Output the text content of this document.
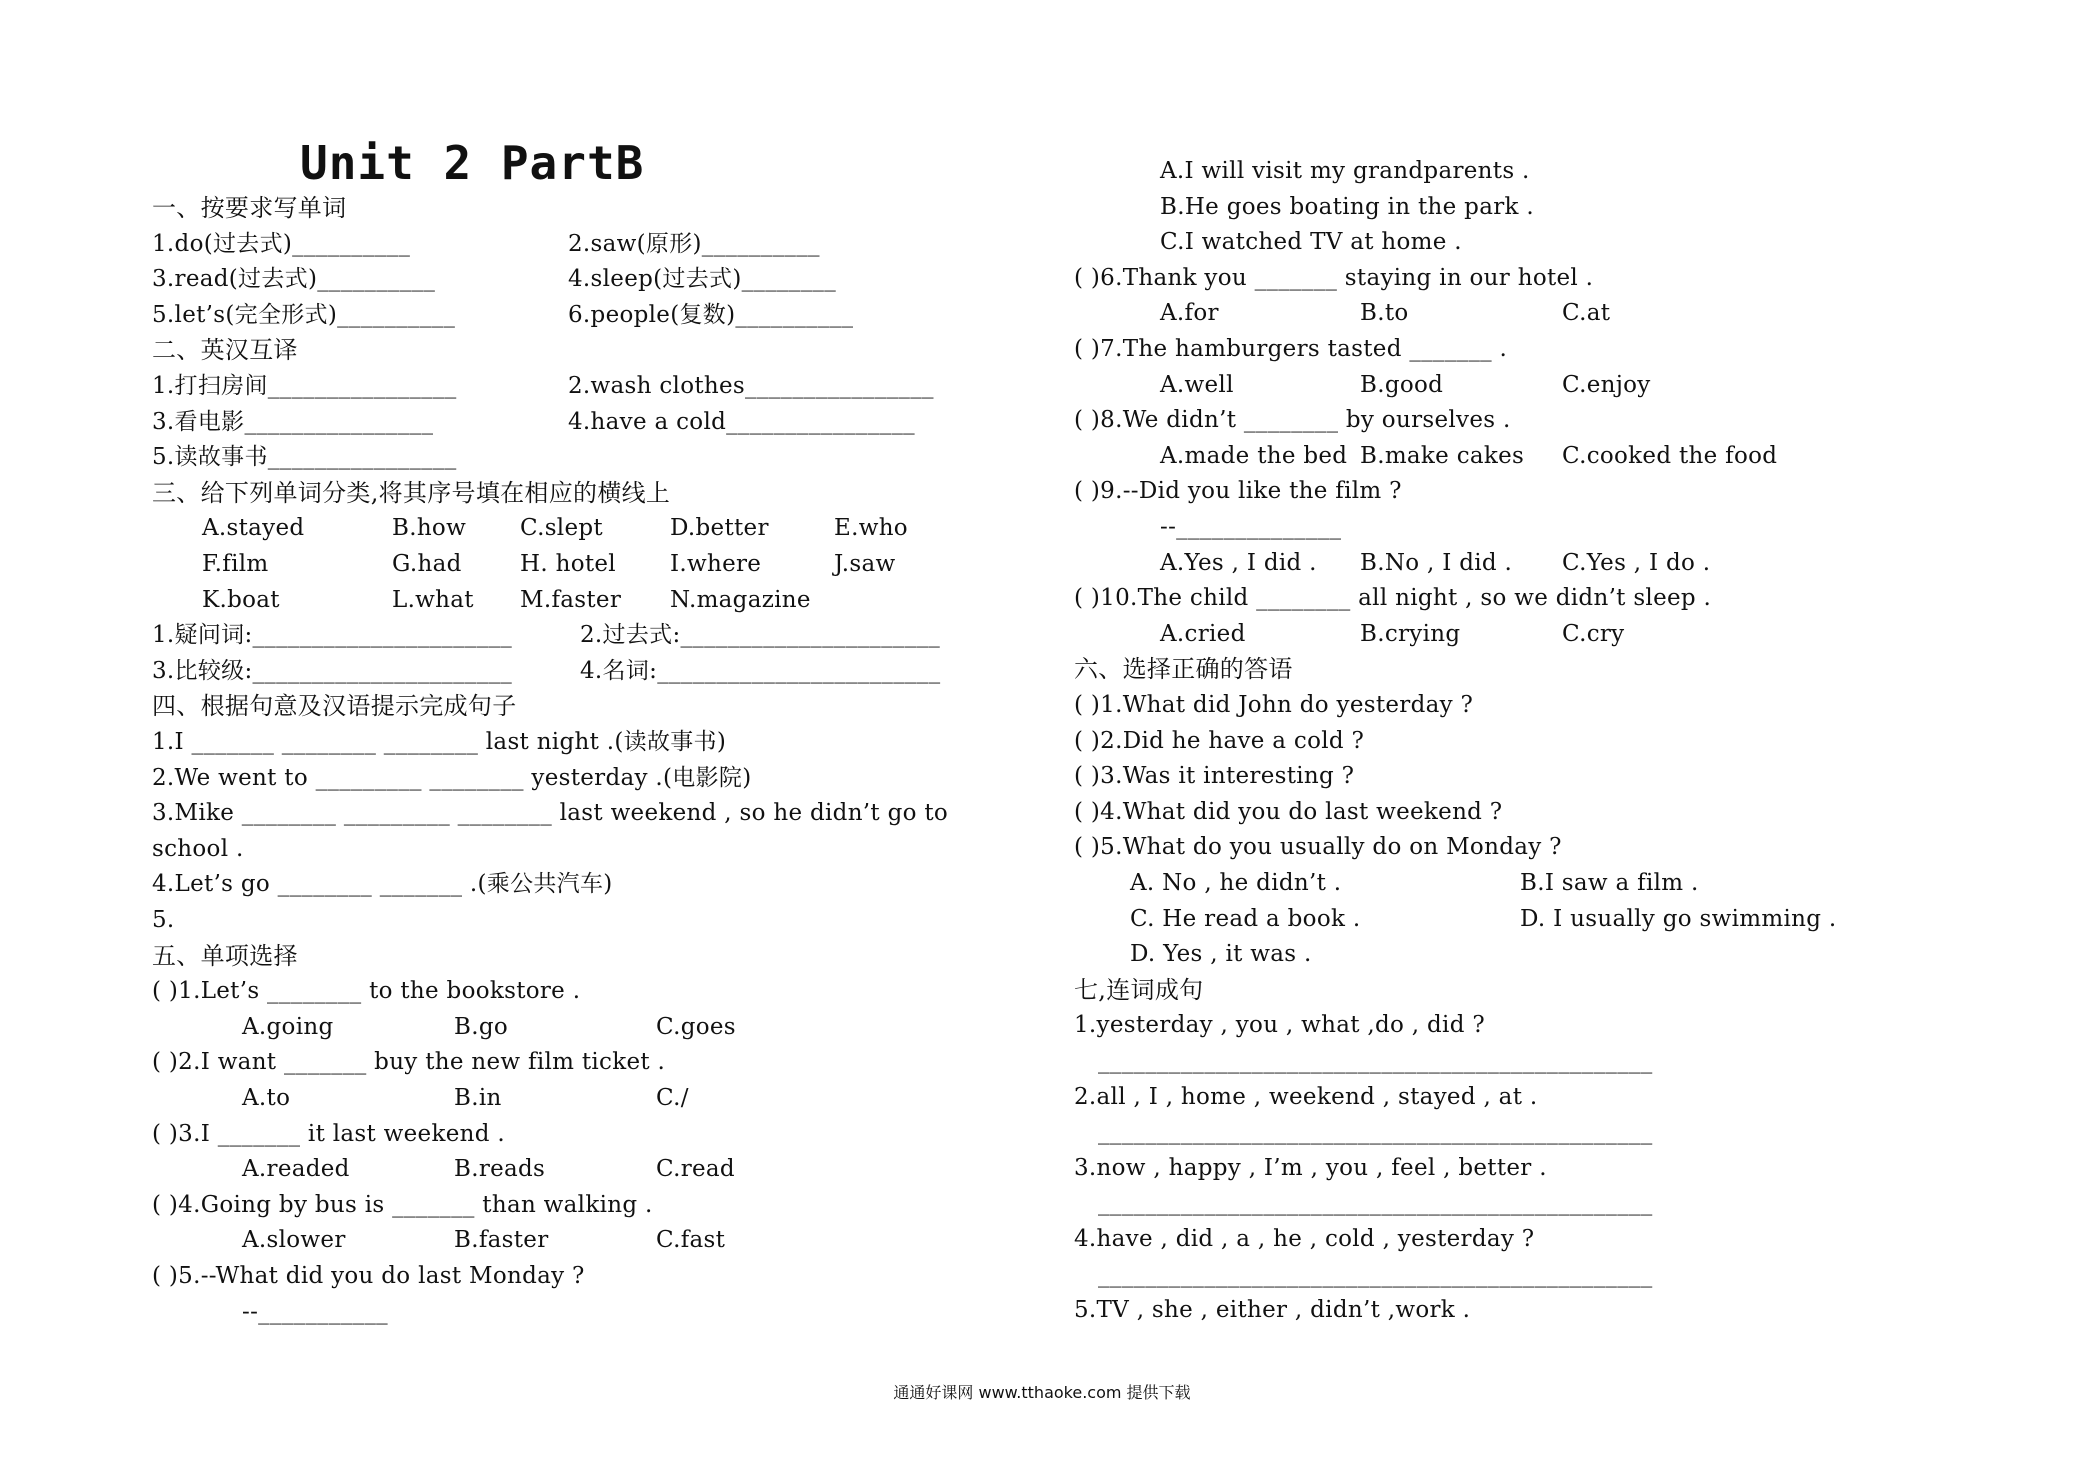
Unit 2 PartB
一、按要求写单词
1.do(过去式)__________	2.saw(原形)__________
3.read(过去式)__________	4.sleep(过去式)________
5.let’s(完全形式)__________	6.people(复数)__________
二、英汉互译
1.打扫房间________________	2.wash clothes________________
3.看电影________________	4.have a cold________________
5.读故事书________________
三、给下列单词分类,将其序号填在相应的横线上
A.stayed	B.how C.slept	D.better	E.who
F.film	G.had	H. hotel I.where	J.saw
K.boat	L.what M.faster N.magazine
1.疑问词:______________________	2.过去式:______________________
3.比较级:______________________	4.名词:________________________
四、根据句意及汉语提示完成句子
1.I _______ ________ ________ last night .(读故事书)
2.We went to _________ ________ yesterday .(电影院)
3.Mike ________ _________ ________ last weekend , so he didn’t go to
school .
4.Let’s go ________ _______ .(乘公共汽车)
5.
五、单项选择
( )1.Let’s ________ to the bookstore .
A.going	B.go	C.goes
( )2.I want _______ buy the new film ticket .
A.to	B.in	C./
( )3.I _______ it last weekend .
A.readed	B.reads	C.read
( )4.Going by bus is _______ than walking .
A.slower	B.faster	C.fast
( )5.--What did you do last Monday ?
--___________
A.I will visit my grandparents .
B.He goes boating in the park .
C.I watched TV at home .
( )6.Thank you _______ staying in our hotel .
A.for	B.to	C.at
( )7.The hamburgers tasted _______ .
A.well	B.good	C.enjoy
( )8.We didn’t ________ by ourselves .
A.made the bed B.make cakes C.cooked the food
( )9.--Did you like the film ?
--______________
A.Yes , I did . B.No , I did . C.Yes , I do .
( )10.The child ________ all night , so we didn’t sleep .
A.cried	B.crying	C.cry
六、选择正确的答语
( )1.What did John do yesterday ?
( )2.Did he have a cold ?
( )3.Was it interesting ?
( )4.What did you do last weekend ?
( )5.What do you usually do on Monday ?
A. No , he didn’t .	B.I saw a film .
C. He read a book .	D. I usually go swimming .
D. Yes , it was .
七,连词成句
1.yesterday , you , what ,do , did ?
_______________________________________________
2.all , I , home , weekend , stayed , at .
_______________________________________________
3.now , happy , I’m , you , feel , better .
_______________________________________________
4.have , did , a , he , cold , yesterday ?
_______________________________________________
5.TV , she , either , didn’t ,work .
通通好课网 www.tthaoke.com 提供下载
